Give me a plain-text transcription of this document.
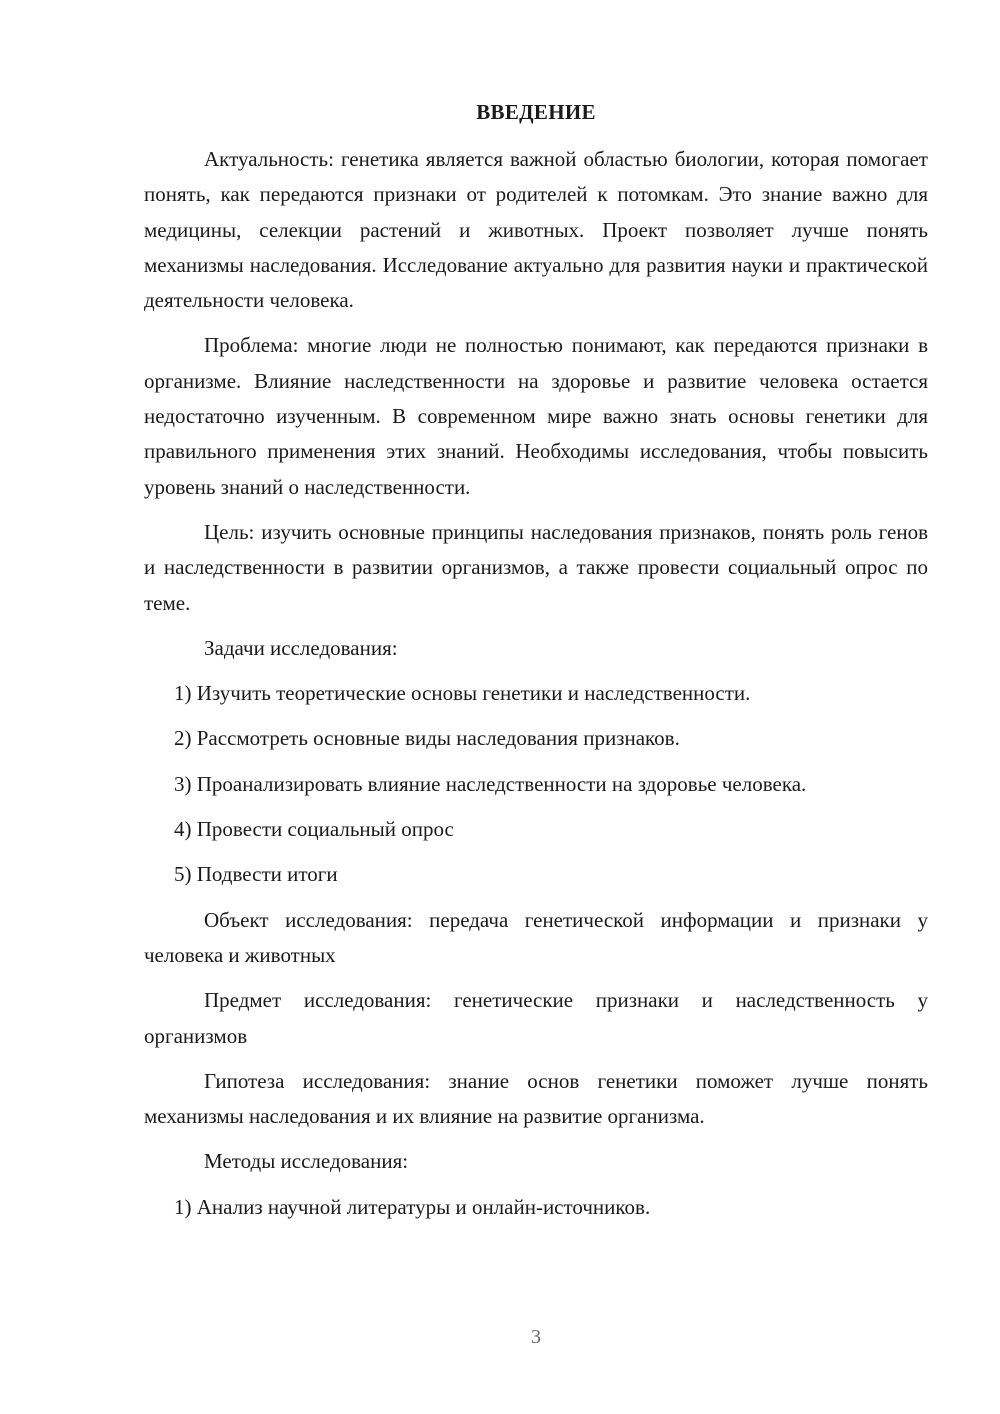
ВВЕДЕНИЕ

Актуальность: генетика является важной областью биологии, которая помогает понять, как передаются признаки от родителей к потомкам. Это знание важно для медицины, селекции растений и животных. Проект позволяет лучше понять механизмы наследования. Исследование актуально для развития науки и практической деятельности человека.

Проблема: многие люди не полностью понимают, как передаются признаки в организме. Влияние наследственности на здоровье и развитие человека остается недостаточно изученным. В современном мире важно знать основы генетики для правильного применения этих знаний. Необходимы исследования, чтобы повысить уровень знаний о наследственности.

Цель: изучить основные принципы наследования признаков, понять роль генов и наследственности в развитии организмов, а также провести социальный опрос по теме.

Задачи исследования:

1) Изучить теоретические основы генетики и наследственности.
2) Рассмотреть основные виды наследования признаков.
3) Проанализировать влияние наследственности на здоровье человека.
4) Провести социальный опрос
5) Подвести итоги

Объект исследования: передача генетической информации и признаки у человека и животных

Предмет исследования: генетические признаки и наследственность у организмов

Гипотеза исследования: знание основ генетики поможет лучше понять механизмы наследования и их влияние на развитие организма.

Методы исследования:

1) Анализ научной литературы и онлайн-источников.
3
